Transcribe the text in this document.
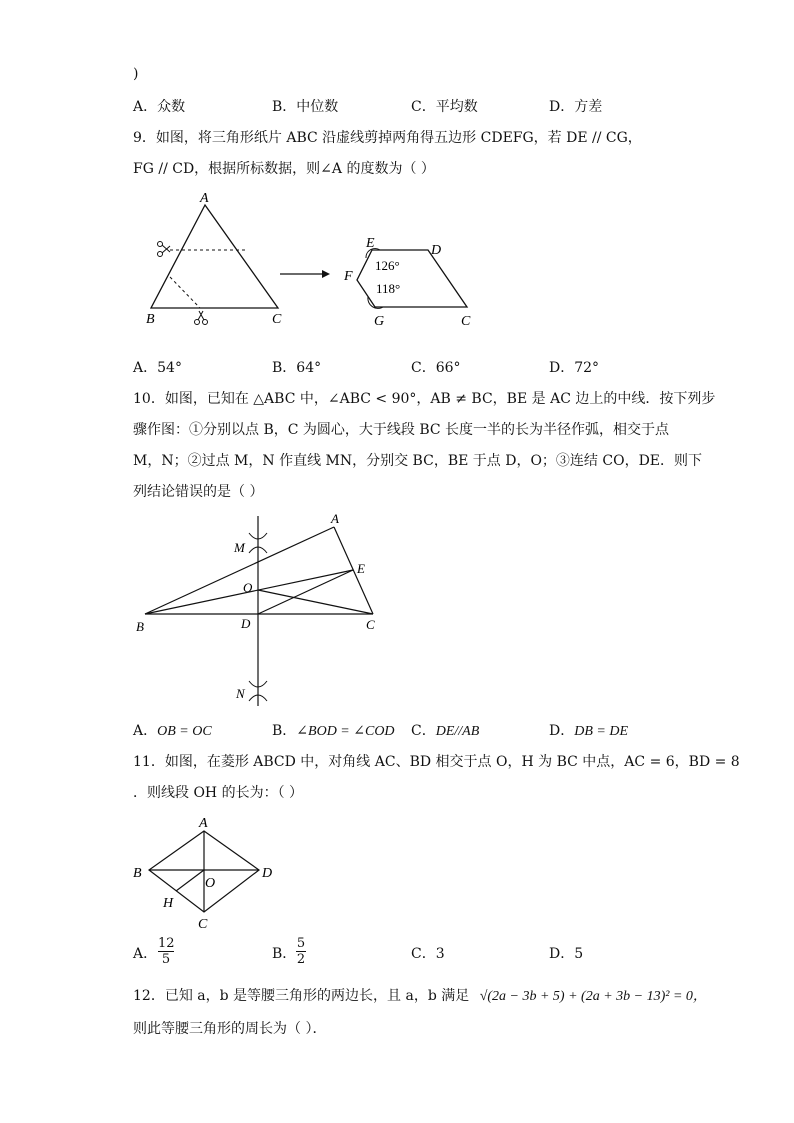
)
A．众数	B．中位数	C．平均数	D．方差
9．如图，将三角形纸片 ABC 沿虚线剪掉两角得五边形 CDEFG，若 DE // CG，
FG // CD，根据所标数据，则∠A 的度数为（ ）
A
B	C
E	D
F
G	C
126°
118°
A．54°	B．64°	C．66°	D．72°
10．如图，已知在 △ABC 中，∠ABC < 90°，AB ≠ BC，BE 是 AC 边上的中线．按下列步
骤作图：①分别以点 B，C 为圆心，大于线段 BC 长度一半的长为半径作弧，相交于点
M，N；②过点 M，N 作直线 MN，分别交 BC，BE 于点 D，O；③连结 CO，DE．则下
列结论错误的是（ ）
A
M
E
O
B	D	C
N
A．OB = OC	B．∠BOD = ∠COD C．DE//AB	D．DB = DE
11．如图，在菱形 ABCD 中，对角线 AC、BD 相交于点 O，H 为 BC 中点，AC = 6，BD = 8
．则线段 OH 的长为：（ ）
A
B	D
O
H
C
A． $\frac{12}{5}$	B． $\frac{5}{2}$	C．3	D．5
12．已知 a，b 是等腰三角形的两边长，且 a，b 满足 √(2a − 3b + 5) + (2a + 3b − 13)² = 0，
则此等腰三角形的周长为（ ）．
